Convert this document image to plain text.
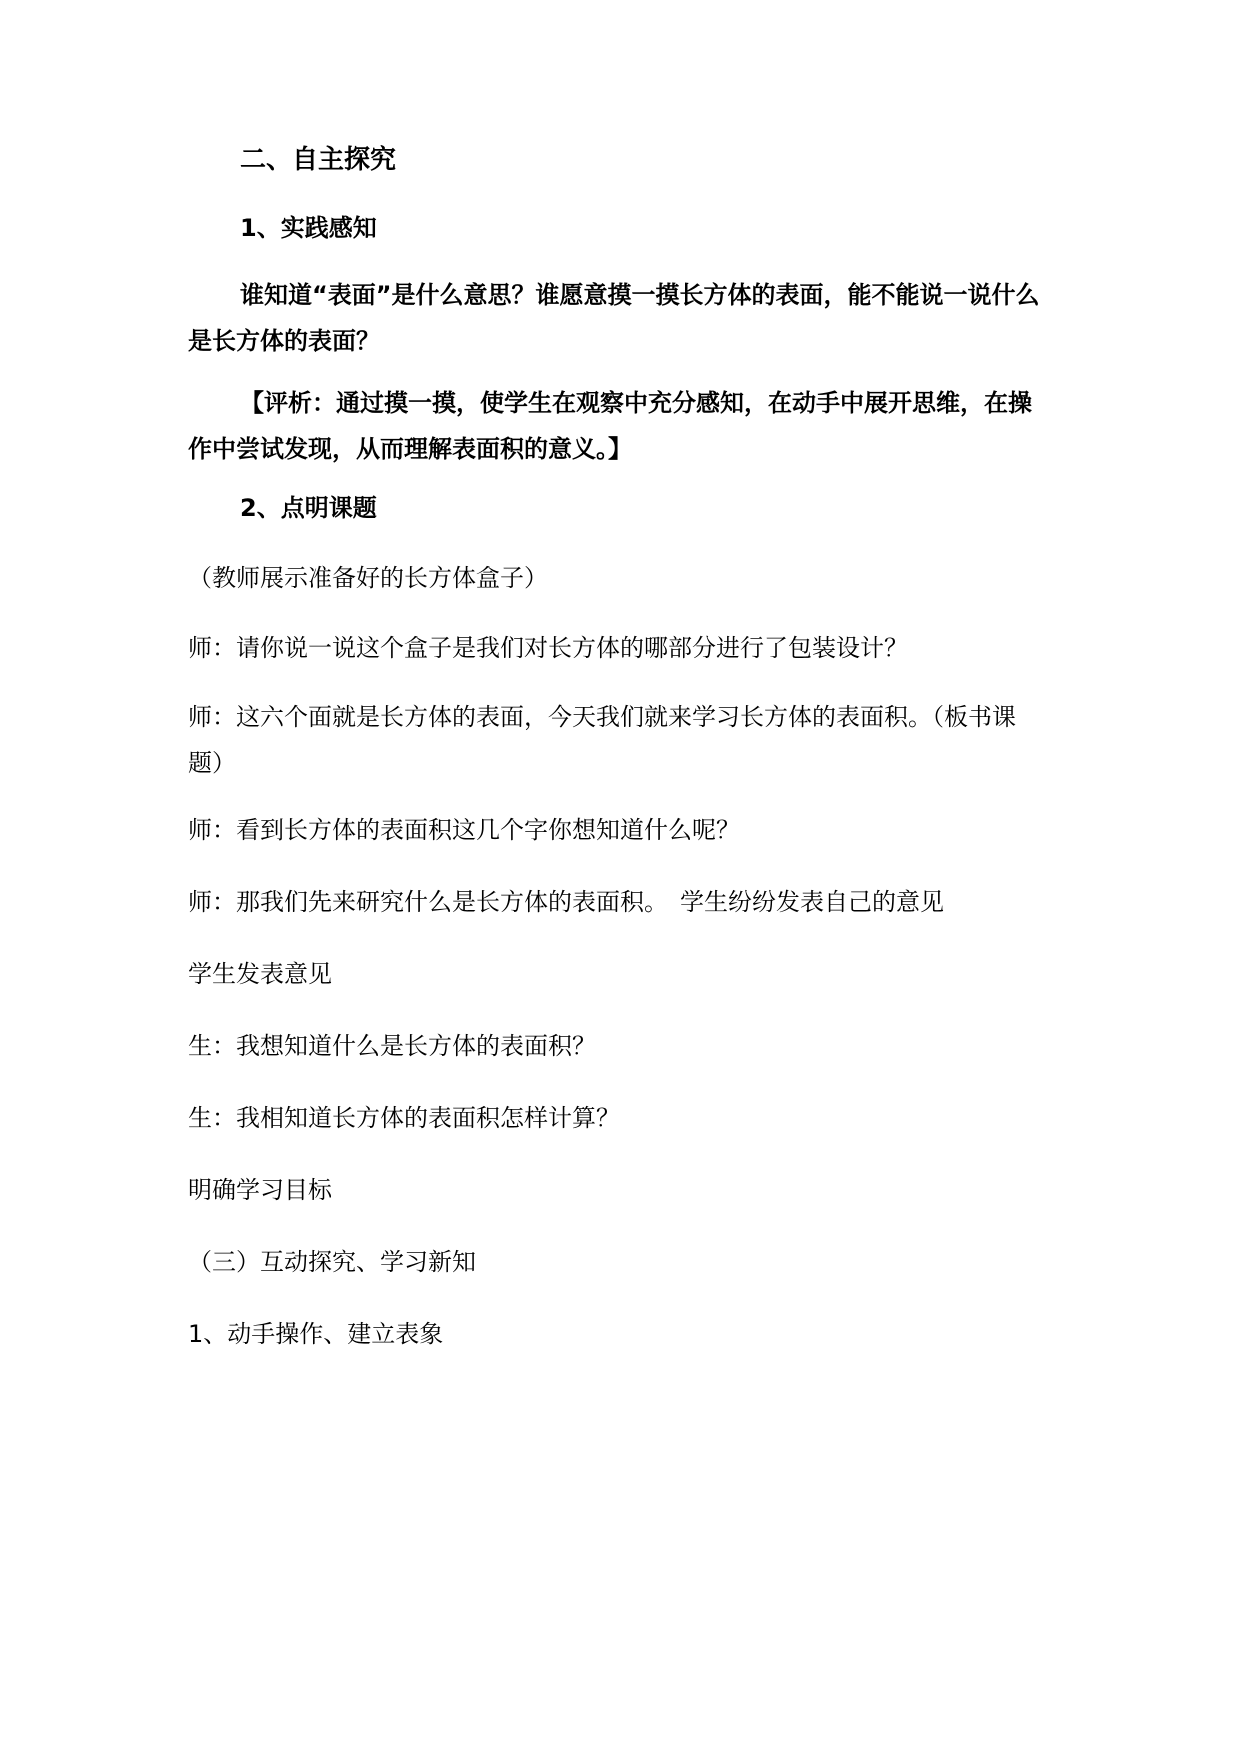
二、自主探究
1、实践感知

谁知道“表面”是什么意思？谁愿意摸一摸长方体的表面，能不能说一说什么是长方体的表面？

【评析：通过摸一摸，使学生在观察中充分感知，在动手中展开思维，在操作中尝试发现，从而理解表面积的意义。】

2、点明课题
（教师展示准备好的长方体盒子）
师：请你说一说这个盒子是我们对长方体的哪部分进行了包装设计？

师：这六个面就是长方体的表面，今天我们就来学习长方体的表面积。（板书课题）

师：看到长方体的表面积这几个字你想知道什么呢？
师：那我们先来研究什么是长方体的表面积。　学生纷纷发表自己的意见
学生发表意见
生：我想知道什么是长方体的表面积？
生：我相知道长方体的表面积怎样计算？
明确学习目标
（三）互动探究、学习新知
1、动手操作、建立表象
